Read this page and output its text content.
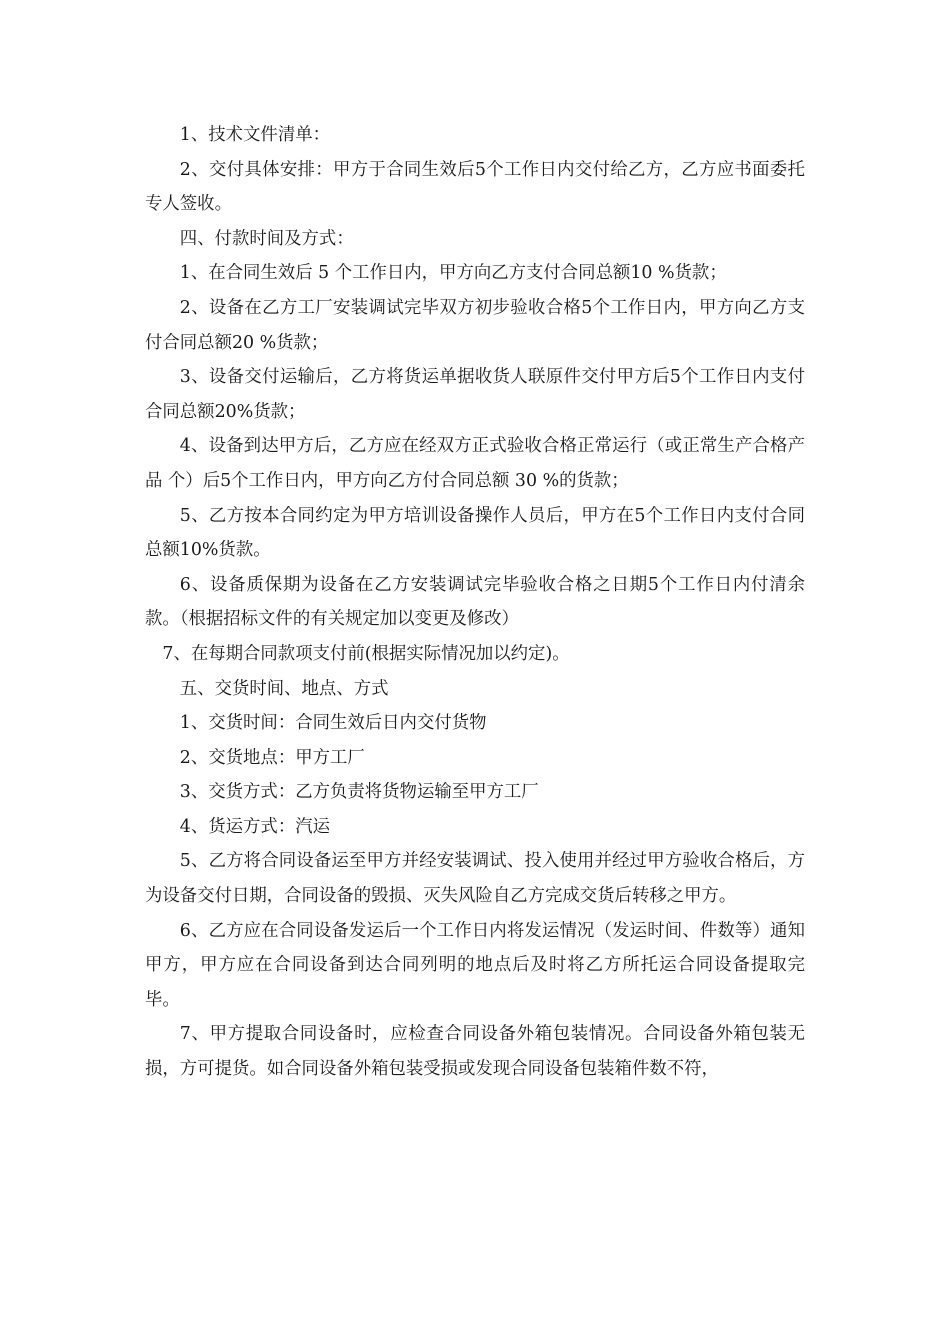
1、技术文件清单：

2、交付具体安排：甲方于合同生效后5个工作日内交付给乙方，乙方应书面委托专人签收。

四、付款时间及方式：

1、在合同生效后 5 个工作日内，甲方向乙方支付合同总额10 %货款；

2、设备在乙方工厂安装调试完毕双方初步验收合格5个工作日内，甲方向乙方支付合同总额20 %货款；

3、设备交付运输后，乙方将货运单据收货人联原件交付甲方后5个工作日内支付合同总额20%货款；

4、设备到达甲方后，乙方应在经双方正式验收合格正常运行（或正常生产合格产品 个）后5个工作日内，甲方向乙方付合同总额 30 %的货款；

5、乙方按本合同约定为甲方培训设备操作人员后，甲方在5个工作日内支付合同总额10%货款。

6、设备质保期为设备在乙方安装调试完毕验收合格之日期5个工作日内付清余款。（根据招标文件的有关规定加以变更及修改）

7、在每期合同款项支付前(根据实际情况加以约定)。

五、交货时间、地点、方式

1、交货时间：合同生效后日内交付货物

2、交货地点：甲方工厂

3、交货方式：乙方负责将货物运输至甲方工厂

4、货运方式：汽运

5、乙方将合同设备运至甲方并经安装调试、投入使用并经过甲方验收合格后，方为设备交付日期，合同设备的毁损、灭失风险自乙方完成交货后转移之甲方。

6、乙方应在合同设备发运后一个工作日内将发运情况（发运时间、件数等）通知甲方，甲方应在合同设备到达合同列明的地点后及时将乙方所托运合同设备提取完毕。

7、甲方提取合同设备时，应检查合同设备外箱包装情况。合同设备外箱包装无损，方可提货。如合同设备外箱包装受损或发现合同设备包装箱件数不符，
